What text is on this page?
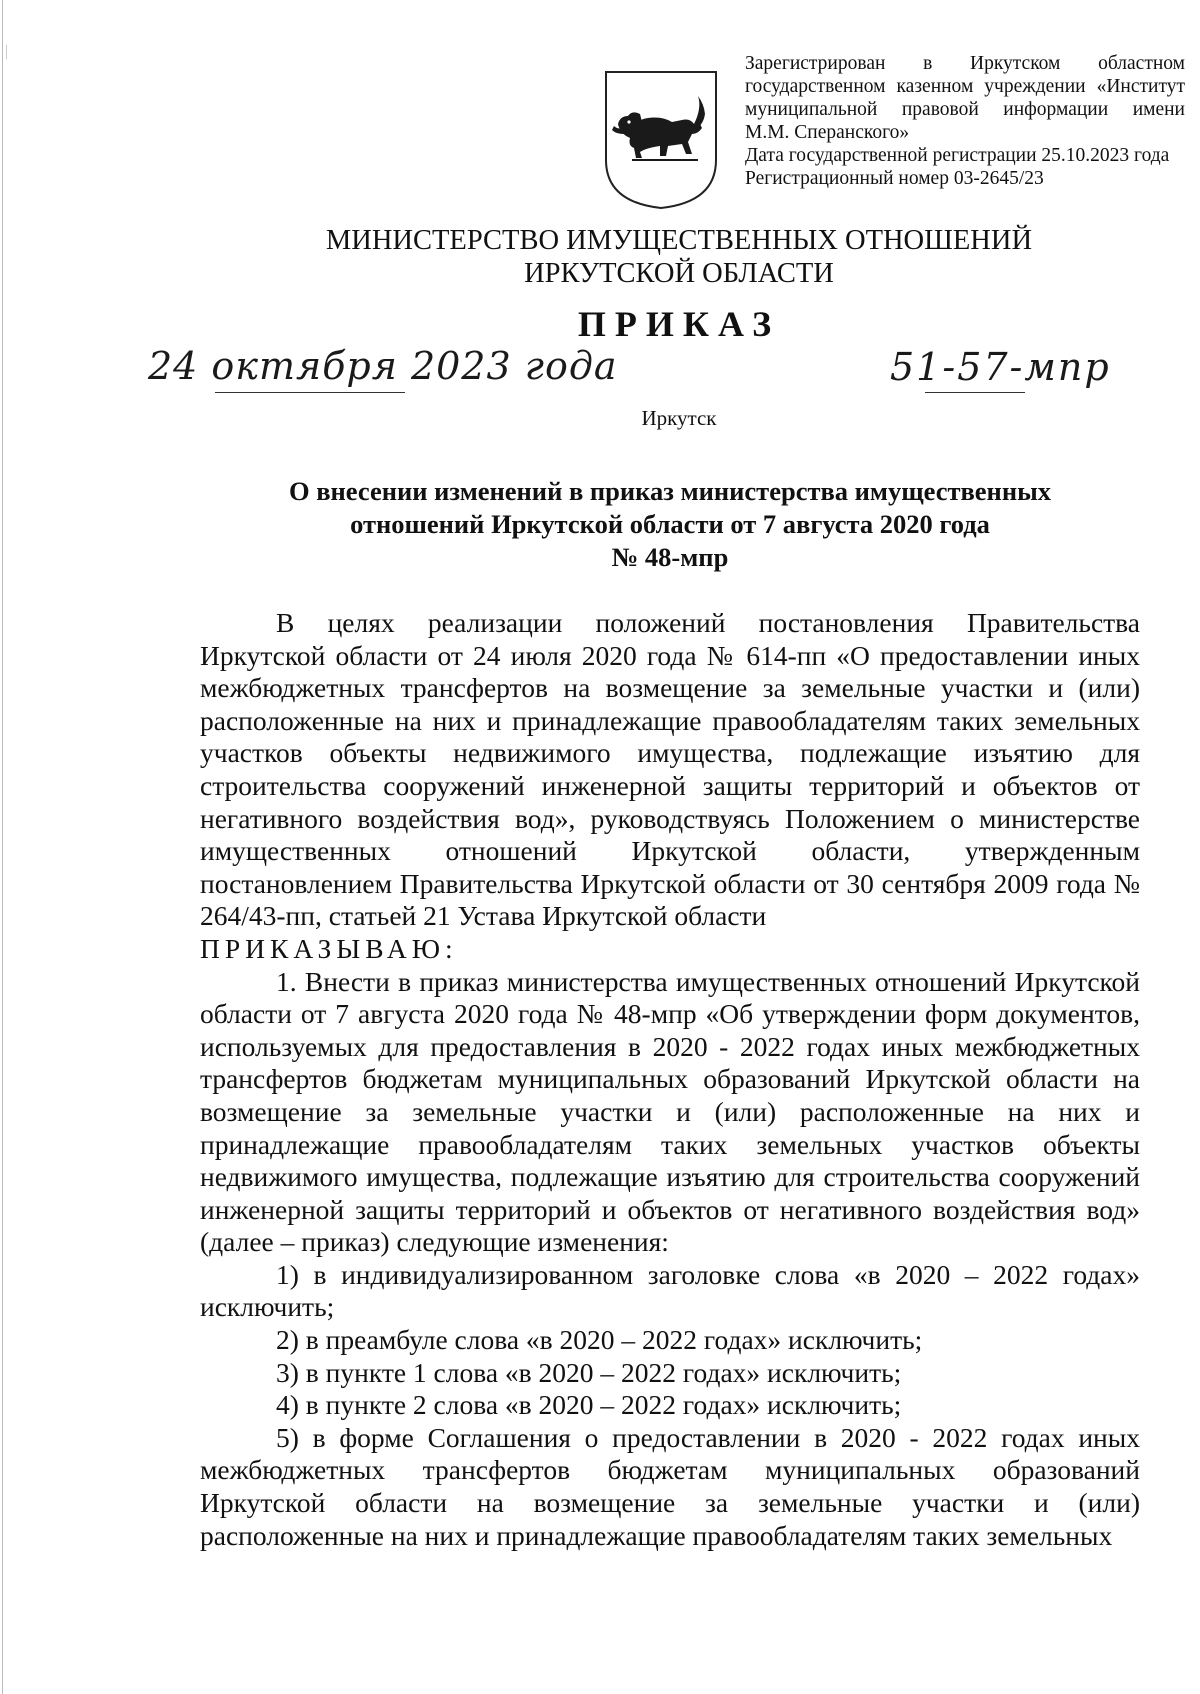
Зарегистрирован в Иркутском областном
государственном казенном учреждении «Институт
муниципальной правовой информации имени
М.М. Сперанского»
Дата государственной регистрации 25.10.2023 года
Регистрационный номер 03-2645/23
МИНИСТЕРСТВО ИМУЩЕСТВЕННЫХ ОТНОШЕНИЙ
ИРКУТСКОЙ ОБЛАСТИ
ПРИКАЗ
24 октября 2023 года	51-57-мпр
Иркутск
О внесении изменений в приказ министерства имущественных
отношений Иркутской области от 7 августа 2020 года
№ 48-мпр

В целях реализации положений постановления Правительства Иркутской области от 24 июля 2020 года № 614-пп «О предоставлении иных межбюджетных трансфертов на возмещение за земельные участки и (или) расположенные на них и принадлежащие правообладателям таких земельных участков объекты недвижимого имущества, подлежащие изъятию для строительства сооружений инженерной защиты территорий и объектов от негативного воздействия вод», руководствуясь Положением о министерстве имущественных отношений Иркутской области, утвержденным постановлением Правительства Иркутской области от 30 сентября 2009 года № 264/43-пп, статьей 21 Устава Иркутской области

ПРИКАЗЫВАЮ:

1. Внести в приказ министерства имущественных отношений Иркутской области от 7 августа 2020 года № 48-мпр «Об утверждении форм документов, используемых для предоставления в 2020 - 2022 годах иных межбюджетных трансфертов бюджетам муниципальных образований Иркутской области на возмещение за земельные участки и (или) расположенные на них и принадлежащие правообладателям таких земельных участков объекты недвижимого имущества, подлежащие изъятию для строительства сооружений инженерной защиты территорий и объектов от негативного воздействия вод» (далее – приказ) следующие изменения:

1) в индивидуализированном заголовке слова «в 2020 – 2022 годах» исключить;

2) в преамбуле слова «в 2020 – 2022 годах» исключить;

3) в пункте 1 слова «в 2020 – 2022 годах» исключить;

4) в пункте 2 слова «в 2020 – 2022 годах» исключить;

5) в форме Соглашения о предоставлении в 2020 - 2022 годах иных межбюджетных трансфертов бюджетам муниципальных образований Иркутской области на возмещение за земельные участки и (или) расположенные на них и принадлежащие правообладателям таких земельных
